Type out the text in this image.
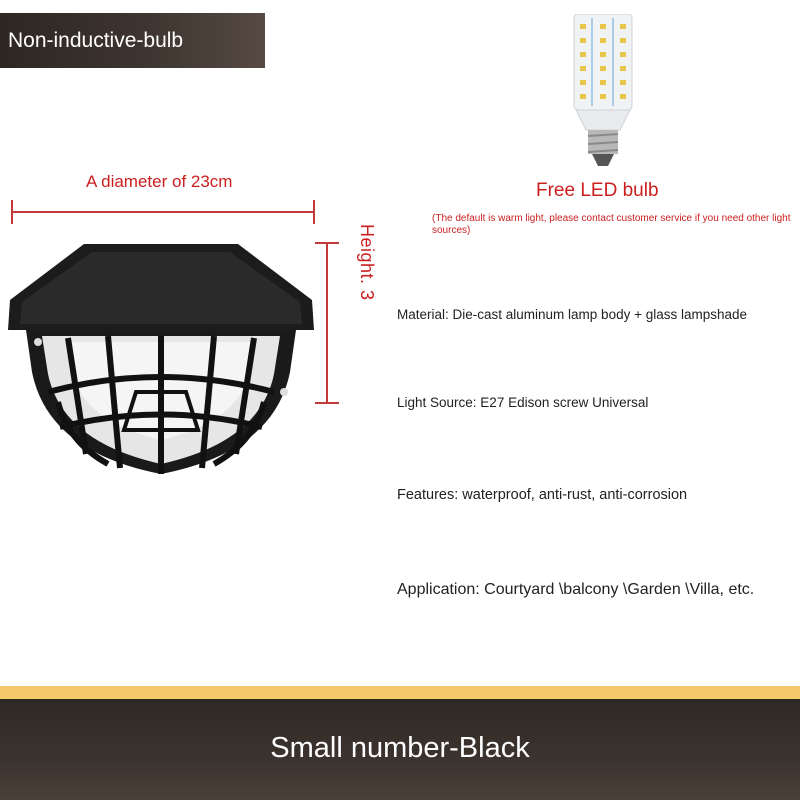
Non-inductive-bulb
A diameter of 23cm
Height. 3
Free LED bulb
(The default is warm light, please contact customer service if you need other light sources)
Material: Die-cast aluminum lamp body + glass lampshade
Light Source: E27 Edison screw Universal
Features: waterproof, anti-rust, anti-corrosion
Application: Courtyard \balcony \Garden \Villa, etc.
Small number-Black
